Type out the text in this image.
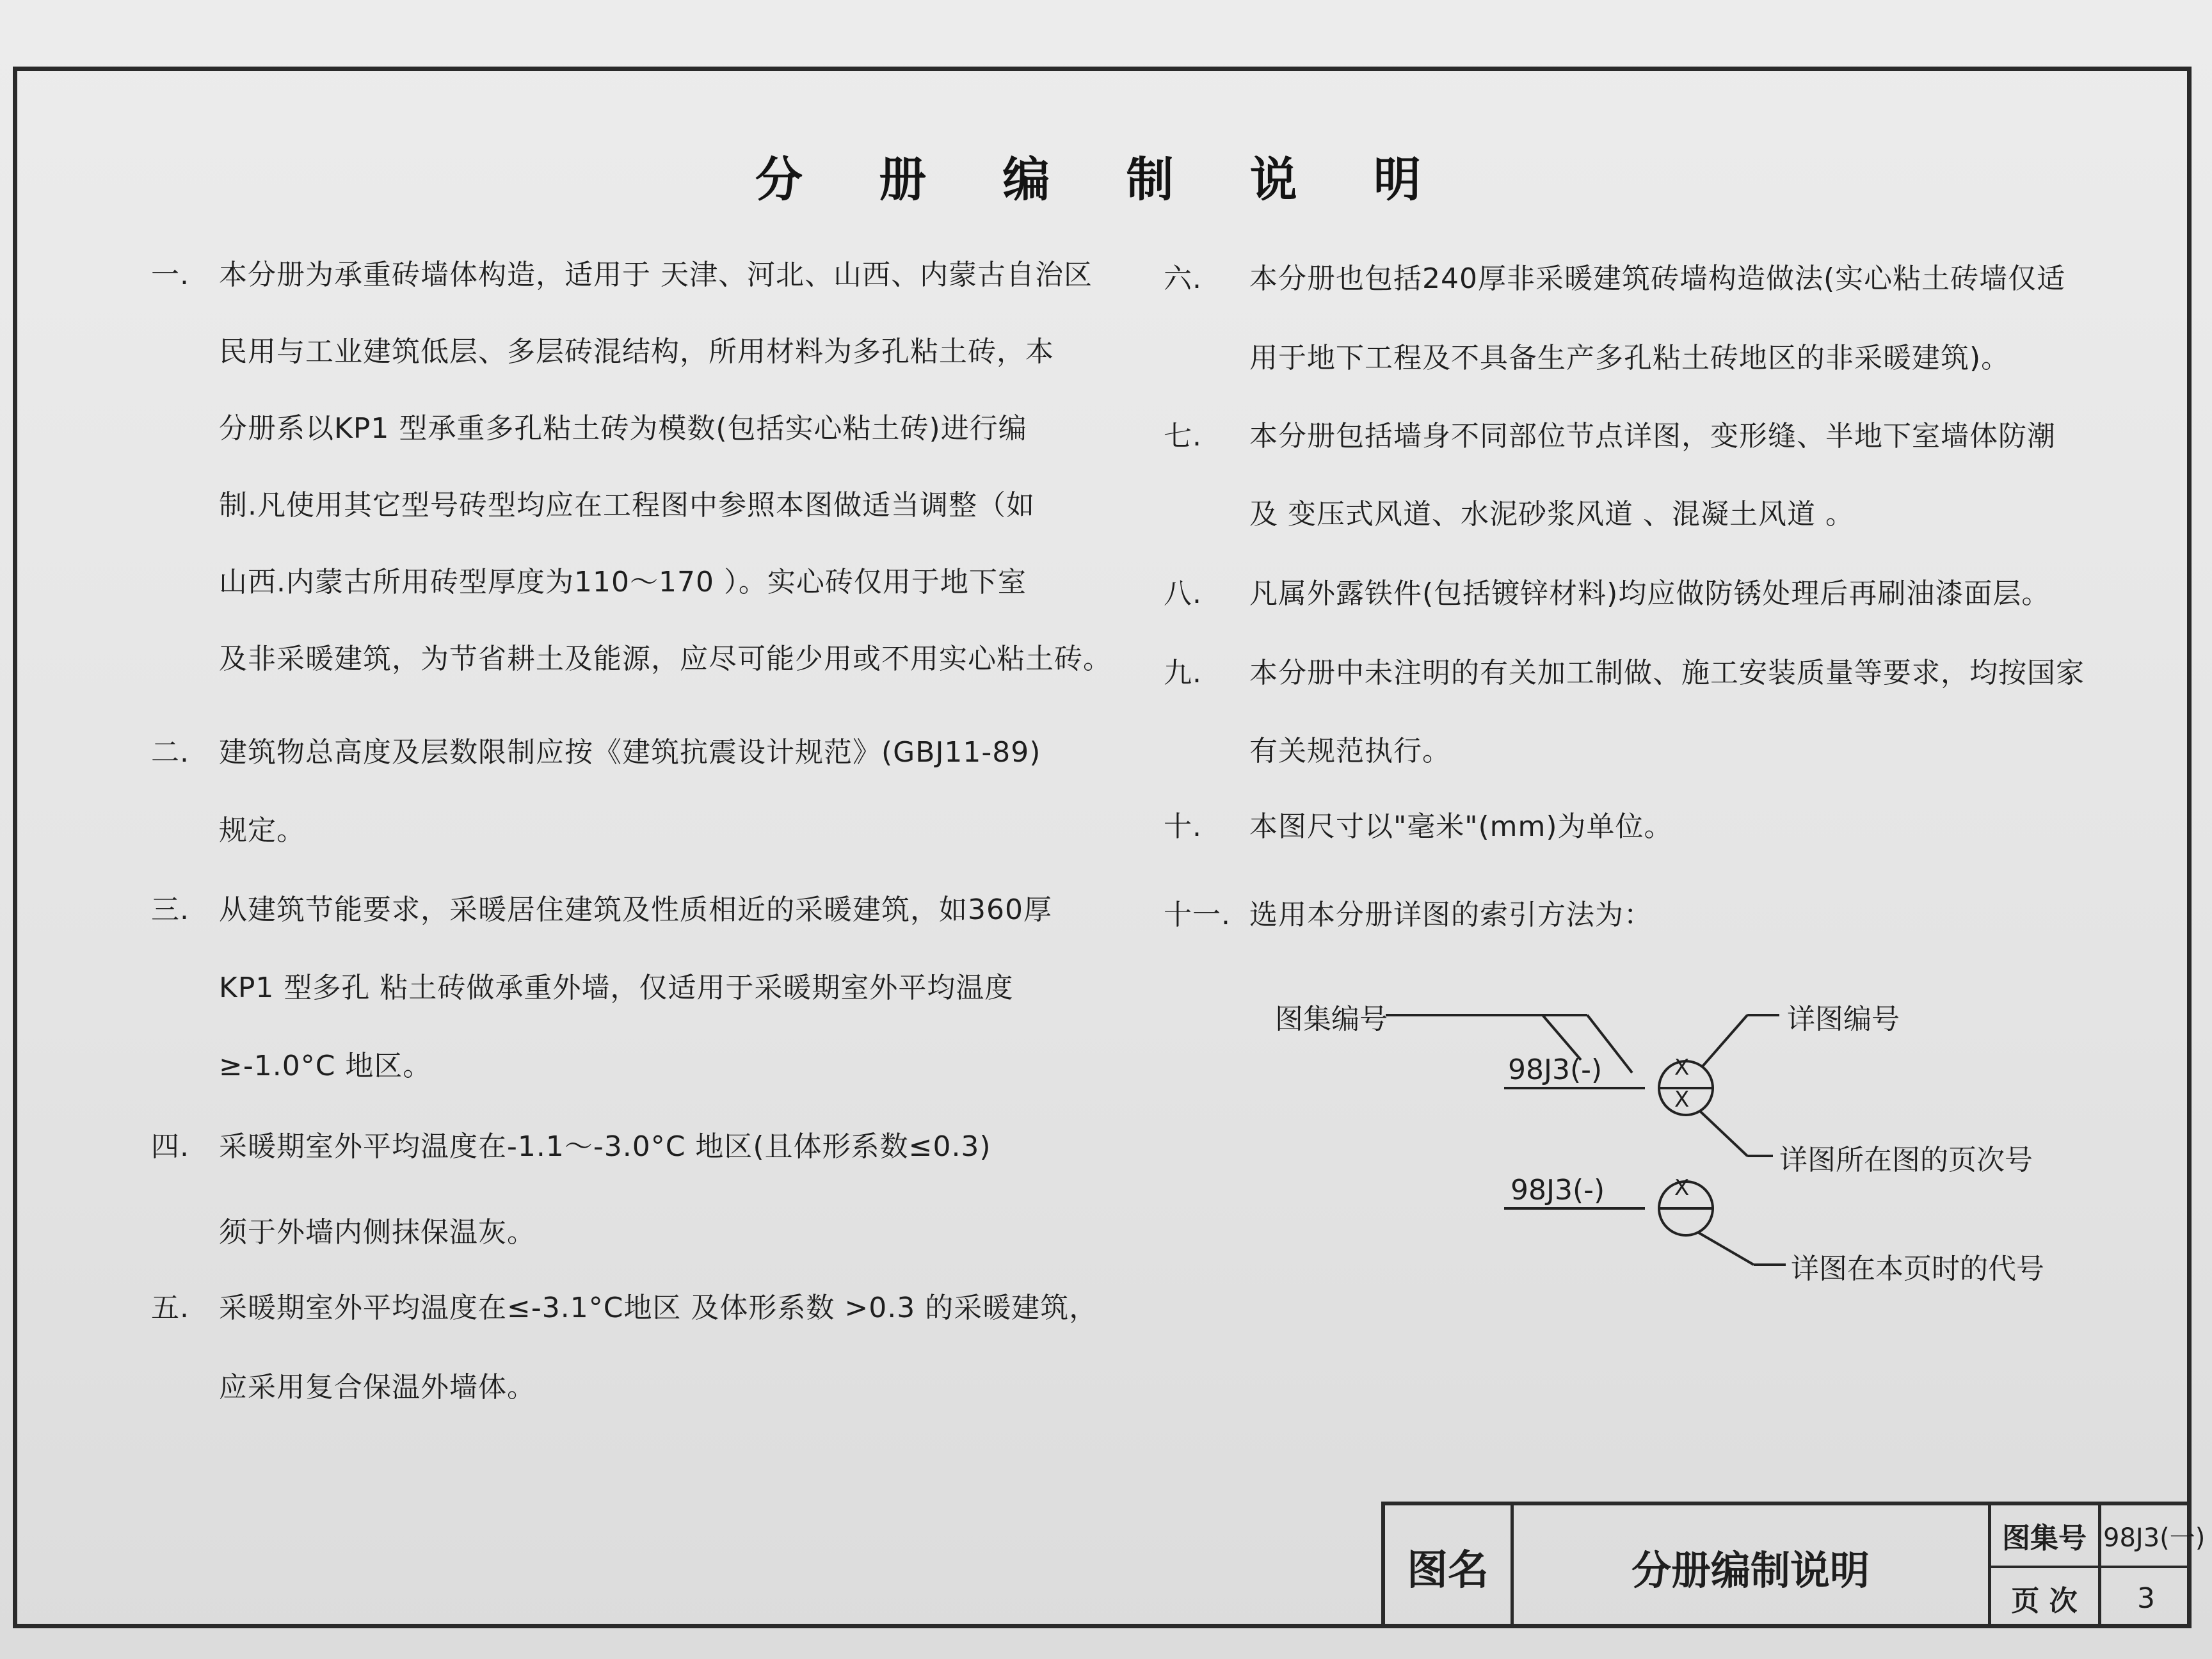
分 册 编 制 说 明
一. 本分册为承重砖墙体构造，适用于 天津、河北、山西、内蒙古自治区
民用与工业建筑低层、多层砖混结构，所用材料为多孔粘土砖，本
分册系以KP1 型承重多孔粘土砖为模数(包括实心粘土砖)进行编
制.凡使用其它型号砖型均应在工程图中参照本图做适当调整（如
山西.内蒙古所用砖型厚度为110～170 ）。实心砖仅用于地下室
及非采暖建筑，为节省耕土及能源，应尽可能少用或不用实心粘土砖。
二. 建筑物总高度及层数限制应按《建筑抗震设计规范》(GBJ11-89)
规定。
三. 从建筑节能要求，采暖居住建筑及性质相近的采暖建筑，如360厚
KP1 型多孔 粘土砖做承重外墙，仅适用于采暖期室外平均温度
≥-1.0°C 地区。
四. 采暖期室外平均温度在-1.1～-3.0°C 地区(且体形系数≤0.3)
须于外墙内侧抹保温灰。
五. 采暖期室外平均温度在≤-3.1°C地区 及体形系数 >0.3 的采暖建筑，
应采用复合保温外墙体。
六. 本分册也包括240厚非采暖建筑砖墙构造做法(实心粘土砖墙仅适
用于地下工程及不具备生产多孔粘土砖地区的非采暖建筑)。
七. 本分册包括墙身不同部位节点详图，变形缝、半地下室墙体防潮
及 变压式风道、水泥砂浆风道 、混凝土风道 。
八. 凡属外露铁件(包括镀锌材料)均应做防锈处理后再刷油漆面层。
九. 本分册中未注明的有关加工制做、施工安装质量等要求，均按国家
有关规范执行。
十. 本图尺寸以"毫米"(mm)为单位。
十一. 选用本分册详图的索引方法为：
图集编号	详图编号
98J3(-)	X
X
详图所在图的页次号
98J3(-)	X
详图在本页时的代号
图名	分册编制说明
图集号 98J3(一)
页 次	3
